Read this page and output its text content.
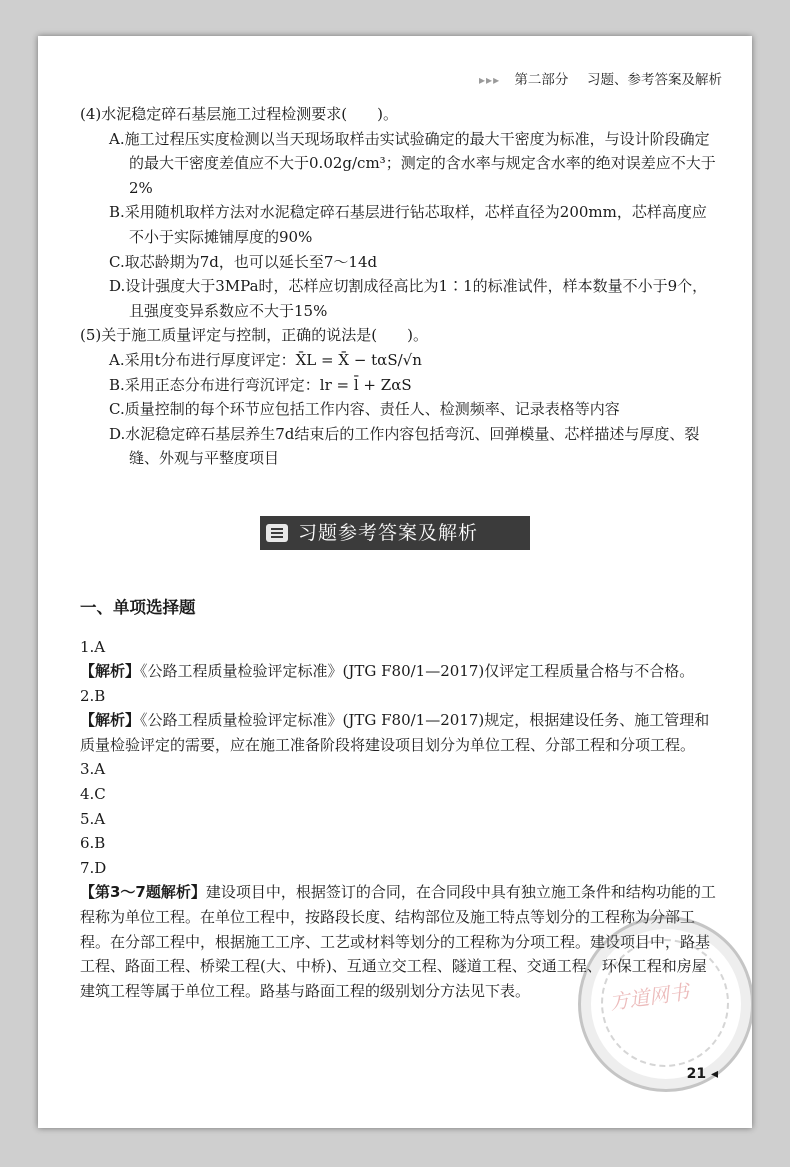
▸▸▸ 第二部分 习题、参考答案及解析

(4)水泥稳定碎石基层施工过程检测要求(　　)。

A.施工过程压实度检测以当天现场取样击实试验确定的最大干密度为标准，与设计阶段确定的最大干密度差值应不大于0.02g/cm³；测定的含水率与规定含水率的绝对误差应不大于2%
B.采用随机取样方法对水泥稳定碎石基层进行钻芯取样，芯样直径为200mm，芯样高度应不小于实际摊铺厚度的90%
C.取芯龄期为7d，也可以延长至7～14d
D.设计强度大于3MPa时，芯样应切割成径高比为1∶1的标准试件，样本数量不小于9个，且强度变异系数应不大于15%

(5)关于施工质量评定与控制，正确的说法是(　　)。

A.采用t分布进行厚度评定：X̄L = X̄ − tαS/√n
B.采用正态分布进行弯沉评定：lr = l̄ + ZαS
C.质量控制的每个环节应包括工作内容、责任人、检测频率、记录表格等内容
D.水泥稳定碎石基层养生7d结束后的工作内容包括弯沉、回弹模量、芯样描述与厚度、裂缝、外观与平整度项目
习题参考答案及解析
一、单项选择题
1.A
【解析】《公路工程质量检验评定标准》(JTG F80/1—2017)仅评定工程质量合格与不合格。
2.B
【解析】《公路工程质量检验评定标准》(JTG F80/1—2017)规定，根据建设任务、施工管理和质量检验评定的需要，应在施工准备阶段将建设项目划分为单位工程、分部工程和分项工程。
3.A
4.C
5.A
6.B
7.D
【第3～7题解析】建设项目中，根据签订的合同，在合同段中具有独立施工条件和结构功能的工程称为单位工程。在单位工程中，按路段长度、结构部位及施工特点等划分的工程称为分部工程。在分部工程中，根据施工工序、工艺或材料等划分的工程称为分项工程。建设项目中，路基工程、路面工程、桥梁工程(大、中桥)、互通立交工程、隧道工程、交通工程、环保工程和房屋建筑工程等属于单位工程。路基与路面工程的级别划分方法见下表。	方道网书
21 ◂
